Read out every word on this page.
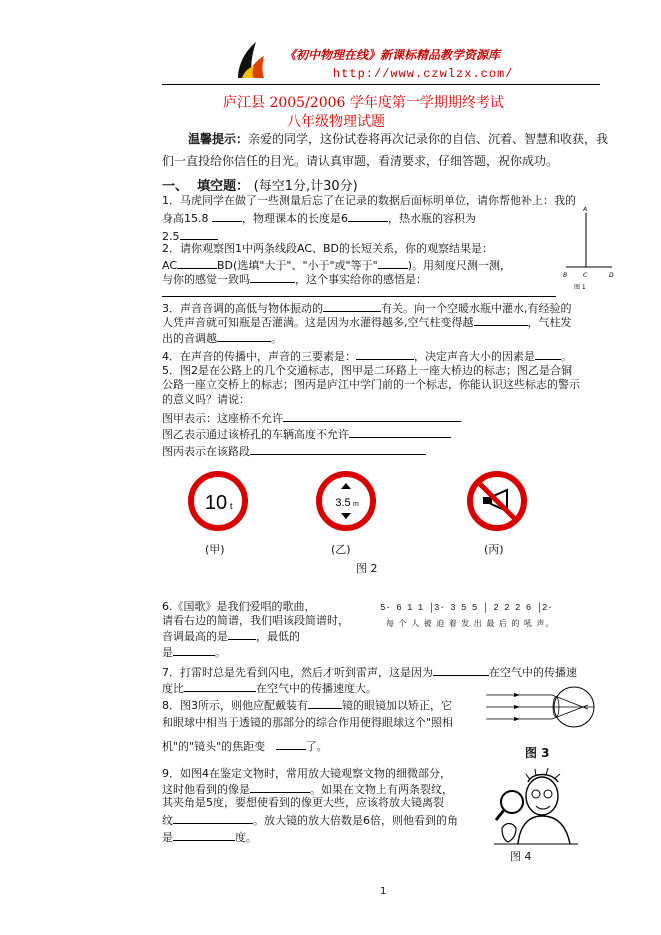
《初中物理在线》新课标精品教学资源库
http://www.czwlzx.com/
庐江县 2005/2006 学年度第一学期期终考试
八年级物理试题
温馨提示：亲爱的同学，这份试卷将再次记录你的自信、沉着、智慧和收获，我
们一直投给你信任的目光。请认真审题，看清要求，仔细答题，祝你成功。
一、 填空题： (每空1分,计30分)
1．马虎同学在做了一些测量后忘了在记录的数据后面标明单位，请你帮他补上：我的
身高15.8	，物理课本的长度是6	，热水瓶的容积为
2.5
A
B	C	D
图 1
2．请你观察图1中两条线段AC、BD的长短关系，你的观察结果是：
AC	BD(选填"大于"、"小于"或"等于"	)。用刻度尺测一测，
与你的感觉一致吗	，这个事实给你的感悟是：
3．声音音调的高低与物体振动的	有关。向一个空暖水瓶中灌水,有经验的
人凭声音就可知瓶是否灌满。这是因为水灌得越多,空气柱变得越	，气柱发
出的音调越	。
4．在声音的传播中，声音的三要素是：	，决定声音大小的因素是 。
5．图2是在公路上的几个交通标志，图甲是二环路上一座大桥边的标志；图乙是合铜
公路一座立交桥上的标志；图丙是庐江中学门前的一个标志，你能认识这些标志的警示
的意义吗？请说：
图甲表示：这座桥不允许
图乙表示通过该桥孔的车辆高度不允许
图丙表示在该路段
10 t	3.5 m
(甲)	(乙)	(丙)
图 2
6.《国歌》是我们爱唱的歌曲，
请看右边的简谱，我们唱该段简谱时，
音调最高的是	，最低的
是	。
5· 6 1 1 │3· 3 5 5 │ 2 2 2 6 │2·
每 个 人 被 迫 着 发 出 最 后 的 吼 声。
7．打雷时总是先看到闪电，然后才听到雷声，这是因为	在空气中的传播速
度比	在空气中的传播速度大。
8．图3所示，则他应配戴装有	镜的眼镜加以矫正，它
和眼球中相当于透镜的那部分的综合作用使得眼球这个"照相
机"的"镜头"的焦距变	了。	图 3
9．如图4在鉴定文物时，常用放大镜观察文物的细微部分，
这时他看到的像是	。如果在文物上有两条裂纹，
其夹角是5度，要想使看到的像更大些，应该将放大镜离裂
纹	。放大镜的放大倍数是6倍，则他看到的角
是	度。
图 4
1
